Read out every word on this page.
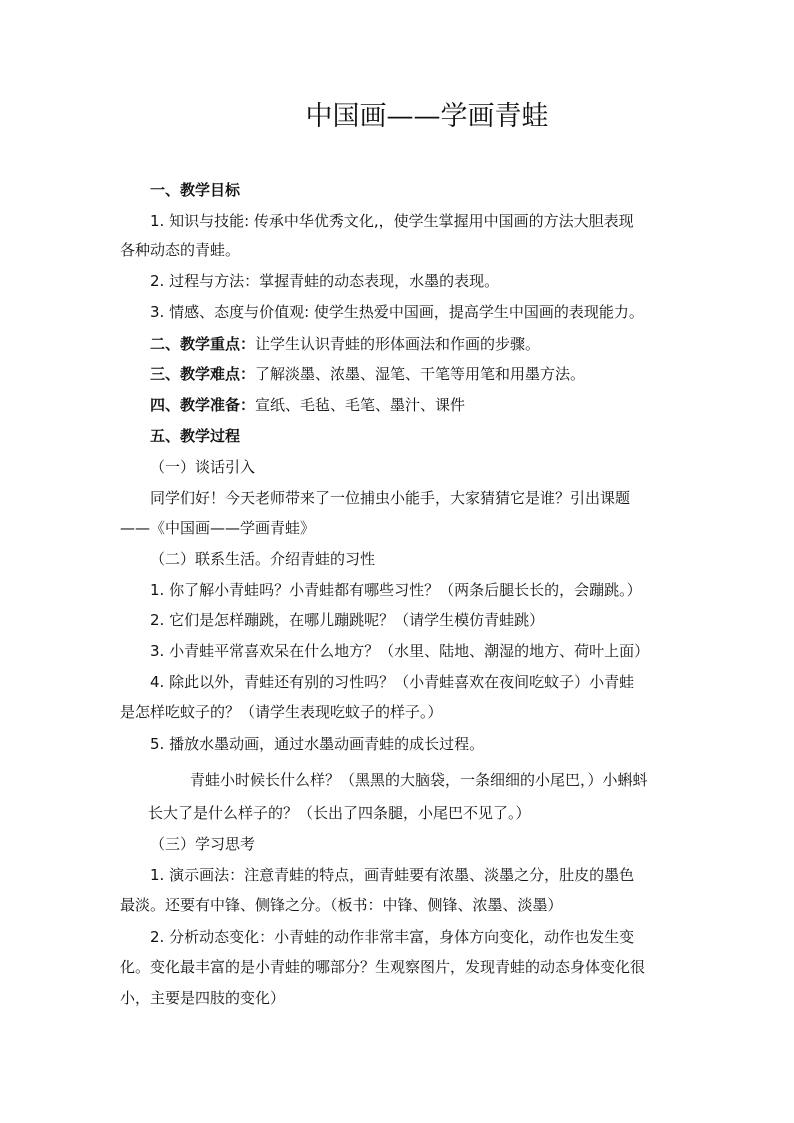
中国画——学画青蛙
一、教学目标
1. 知识与技能: 传承中华优秀文化,，使学生掌握用中国画的方法大胆表现
各种动态的青蛙。
2. 过程与方法：掌握青蛙的动态表现，水墨的表现。
3. 情感、态度与价值观: 使学生热爱中国画，提高学生中国画的表现能力。
二、教学重点：让学生认识青蛙的形体画法和作画的步骤。
三、教学难点：了解淡墨、浓墨、湿笔、干笔等用笔和用墨方法。
四、教学准备：宣纸、毛毡、毛笔、墨汁、课件
五、教学过程
（一）谈话引入
同学们好！今天老师带来了一位捕虫小能手，大家猜猜它是谁？引出课题
——《中国画——学画青蛙》
（二）联系生活。介绍青蛙的习性
1. 你了解小青蛙吗？小青蛙都有哪些习性？（两条后腿长长的，会蹦跳。）
2. 它们是怎样蹦跳，在哪儿蹦跳呢？（请学生模仿青蛙跳）
3. 小青蛙平常喜欢呆在什么地方？（水里、陆地、潮湿的地方、荷叶上面）
4. 除此以外，青蛙还有别的习性吗？（小青蛙喜欢在夜间吃蚊子）小青蛙
是怎样吃蚊子的？（请学生表现吃蚊子的样子。）
5. 播放水墨动画，通过水墨动画青蛙的成长过程。
青蛙小时候长什么样？（黑黑的大脑袋，一条细细的小尾巴，）小蝌蚪
长大了是什么样子的？（长出了四条腿，小尾巴不见了。）
（三）学习思考
1. 演示画法：注意青蛙的特点，画青蛙要有浓墨、淡墨之分，肚皮的墨色
最淡。还要有中锋、侧锋之分。（板书：中锋、侧锋、浓墨、淡墨）
2. 分析动态变化：小青蛙的动作非常丰富，身体方向变化，动作也发生变
化。变化最丰富的是小青蛙的哪部分？生观察图片，发现青蛙的动态身体变化很
小，主要是四肢的变化）
